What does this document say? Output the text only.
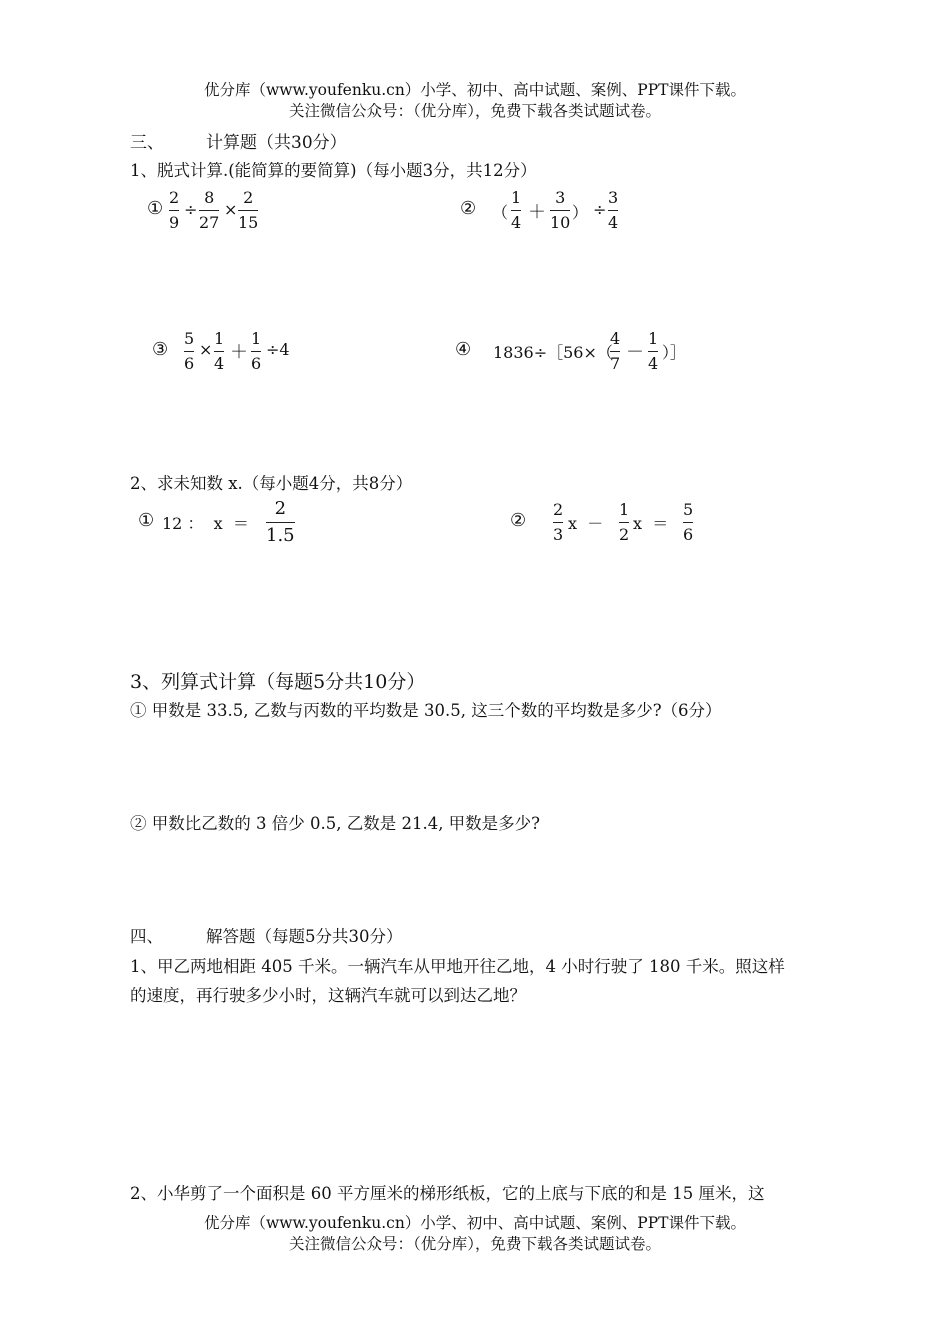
优分库（www.youfenku.cn）小学、初中、高中试题、案例、PPT课件下载。
关注微信公众号：（优分库），免费下载各类试题试卷。
三、 计算题（共30分）
1、脱式计算.(能简算的要简算)（每小题3分，共12分）
①
2
9
÷
8
27
×
2
15
② （
1
4 ＋
3
10
） ÷
3
4
③
5
6
×
1
4
＋
1
6
÷4	④ 1836÷［56×（
4
7
－
1
4
）］
2、求未知数 x.（每小题4分，共8分）
① 12 ：  x  ＝
2
1.5
②
2
3
x  －
1
2
x  ＝
5
6
3、列算式计算（每题5分共10分）
① 甲数是 33.5, 乙数与丙数的平均数是 30.5, 这三个数的平均数是多少?（6分）
② 甲数比乙数的 3 倍少 0.5, 乙数是 21.4, 甲数是多少?
四、	解答题（每题5分共30分）
1、甲乙两地相距 405 千米。一辆汽车从甲地开往乙地，4 小时行驶了 180 千米。照这样
的速度，再行驶多少小时，这辆汽车就可以到达乙地？
2、小华剪了一个面积是 60 平方厘米的梯形纸板，它的上底与下底的和是 15 厘米，这
优分库（www.youfenku.cn）小学、初中、高中试题、案例、PPT课件下载。
关注微信公众号：（优分库），免费下载各类试题试卷。
